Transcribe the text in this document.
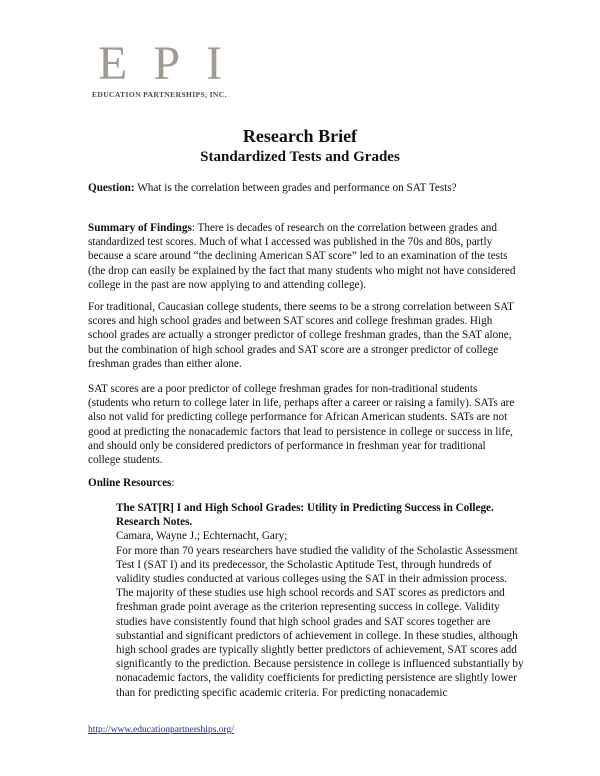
EPI
EDUCATION PARTNERSHIPS, INC.
Research Brief
Standardized Tests and Grades

Question: What is the correlation between grades and performance on SAT Tests?

Summary of Findings: There is decades of research on the correlation between grades and standardized test scores. Much of what I accessed was published in the 70s and 80s, partly because a scare around “the declining American SAT score” led to an examination of the tests (the drop can easily be explained by the fact that many students who might not have considered college in the past are now applying to and attending college).

For traditional, Caucasian college students, there seems to be a strong correlation between SAT scores and high school grades and between SAT scores and college freshman grades. High school grades are actually a stronger predictor of college freshman grades, than the SAT alone, but the combination of high school grades and SAT score are a stronger predictor of college freshman grades than either alone.

SAT scores are a poor predictor of college freshman grades for non-traditional students (students who return to college later in life, perhaps after a career or raising a family). SATs are also not valid for predicting college performance for African American students. SATs are not good at predicting the nonacademic factors that lead to persistence in college or success in life, and should only be considered predictors of performance in freshman year for traditional college students.

Online Resources:

The SAT[R] I and High School Grades: Utility in Predicting Success in College. Research Notes.
Camara, Wayne J.; Echternacht, Gary;
For more than 70 years researchers have studied the validity of the Scholastic Assessment Test I (SAT I) and its predecessor, the Scholastic Aptitude Test, through hundreds of validity studies conducted at various colleges using the SAT in their admission process. The majority of these studies use high school records and SAT scores as predictors and freshman grade point average as the criterion representing success in college. Validity studies have consistently found that high school grades and SAT scores together are substantial and significant predictors of achievement in college. In these studies, although high school grades are typically slightly better predictors of achievement, SAT scores add significantly to the prediction. Because persistence in college is influenced substantially by nonacademic factors, the validity coefficients for predicting persistence are slightly lower than for predicting specific academic criteria. For predicting nonacademic
http://www.educationpartnerships.org/
